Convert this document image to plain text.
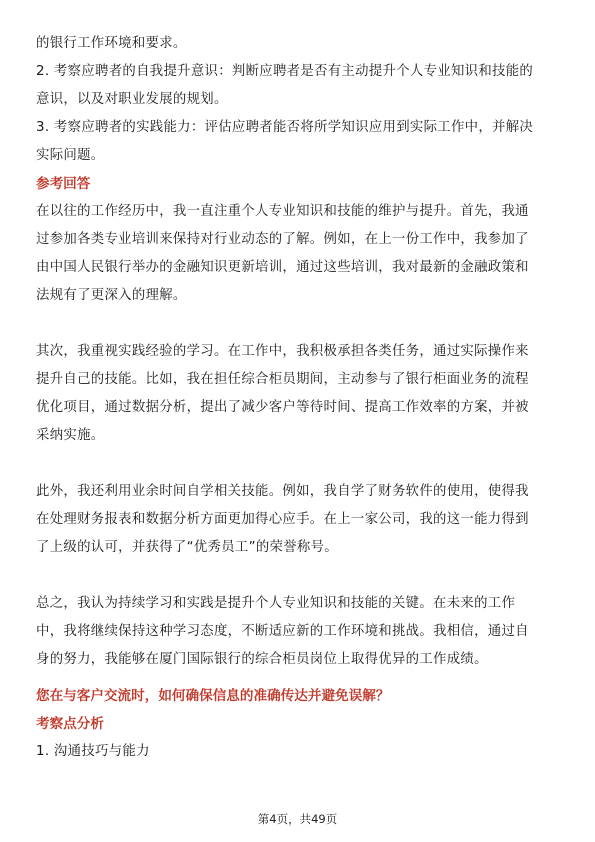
的银行工作环境和要求。
2. 考察应聘者的自我提升意识：判断应聘者是否有主动提升个人专业知识和技能的
意识，以及对职业发展的规划。
3. 考察应聘者的实践能力：评估应聘者能否将所学知识应用到实际工作中，并解决
实际问题。
参考回答
在以往的工作经历中，我一直注重个人专业知识和技能的维护与提升。首先，我通
过参加各类专业培训来保持对行业动态的了解。例如，在上一份工作中，我参加了
由中国人民银行举办的金融知识更新培训，通过这些培训，我对最新的金融政策和
法规有了更深入的理解。
其次，我重视实践经验的学习。在工作中，我积极承担各类任务，通过实际操作来
提升自己的技能。比如，我在担任综合柜员期间，主动参与了银行柜面业务的流程
优化项目，通过数据分析，提出了减少客户等待时间、提高工作效率的方案，并被
采纳实施。
此外，我还利用业余时间自学相关技能。例如，我自学了财务软件的使用，使得我
在处理财务报表和数据分析方面更加得心应手。在上一家公司，我的这一能力得到
了上级的认可，并获得了“优秀员工”的荣誉称号。
总之，我认为持续学习和实践是提升个人专业知识和技能的关键。在未来的工作
中，我将继续保持这种学习态度，不断适应新的工作环境和挑战。我相信，通过自
身的努力，我能够在厦门国际银行的综合柜员岗位上取得优异的工作成绩。
您在与客户交流时，如何确保信息的准确传达并避免误解？
考察点分析
1. 沟通技巧与能力
第4页，共49页
